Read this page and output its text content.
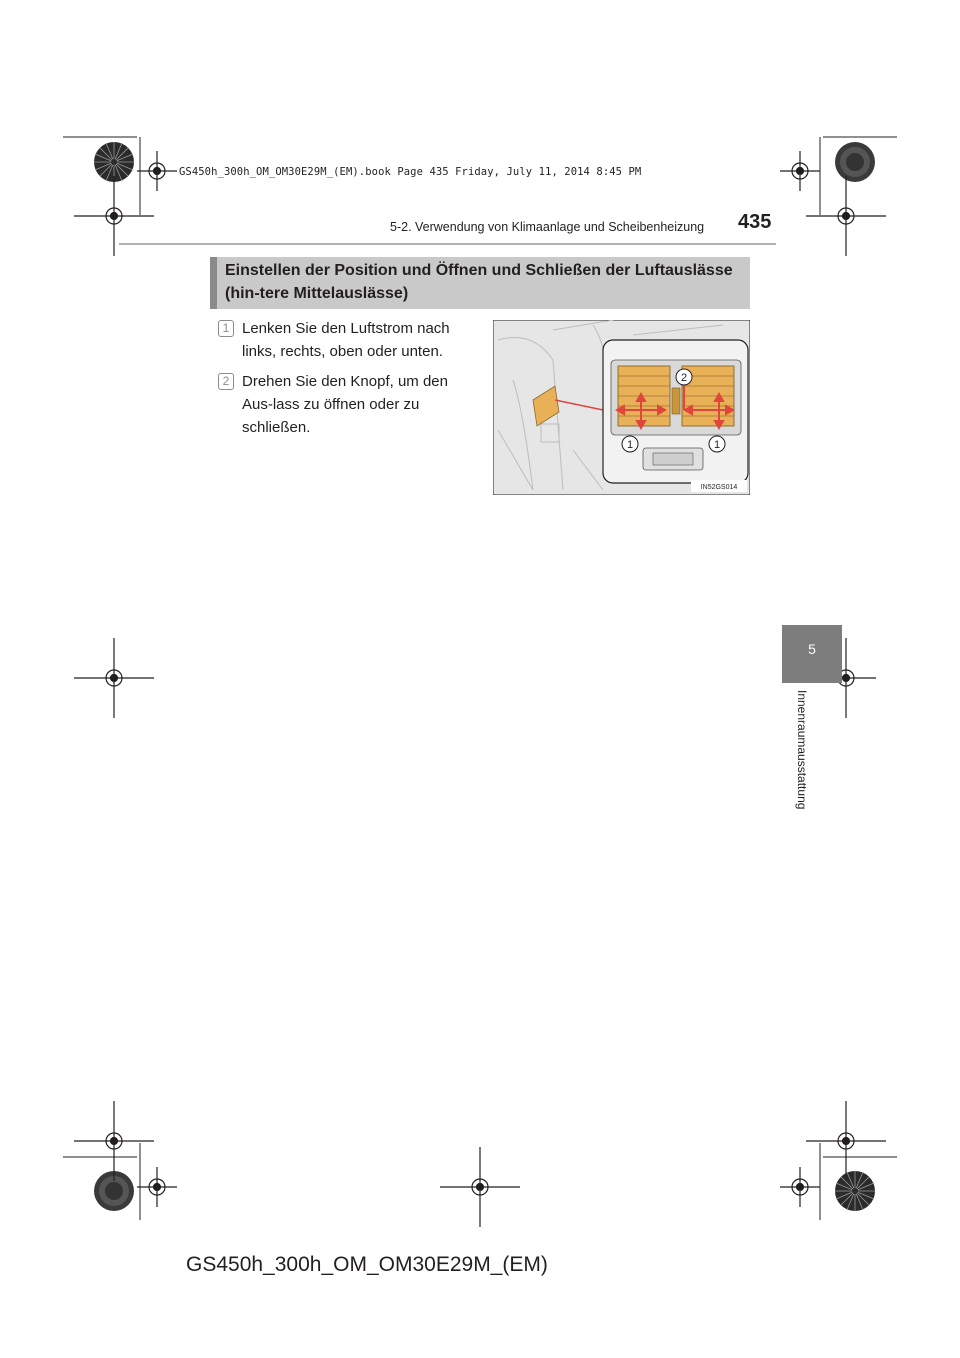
GS450h_300h_OM_OM30E29M_(EM).book Page 435 Friday, July 11, 2014 8:45 PM
5-2. Verwendung von Klimaanlage und Scheibenheizung 435
Einstellen der Position und Öffnen und Schließen der Luftauslässe (hin-tere Mittelauslässe)
1 Lenken Sie den Luftstrom nach links, rechts, oben oder unten.
2 Drehen Sie den Knopf, um den Aus-lass zu öffnen oder zu schließen.
2
1	1
IN52GS014
5
Innenraumausstattung
GS450h_300h_OM_OM30E29M_(EM)
